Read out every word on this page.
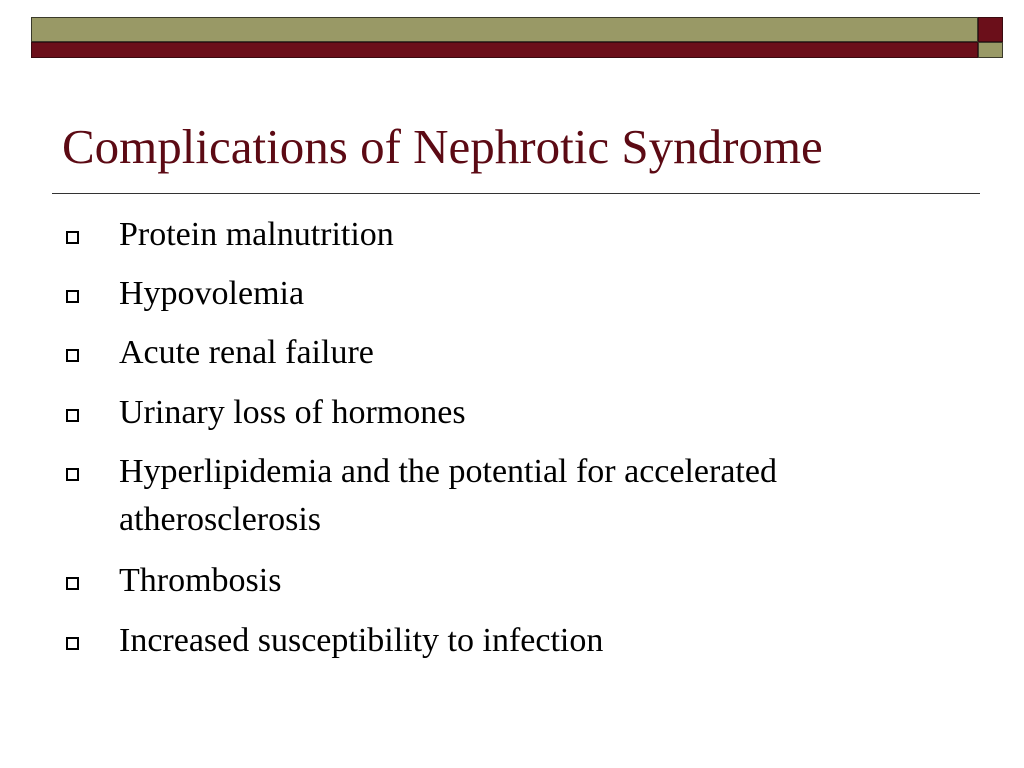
Complications of Nephrotic Syndrome
Protein malnutrition
Hypovolemia
Acute renal failure
Urinary loss of hormones
Hyperlipidemia and the potential for accelerated atherosclerosis
Thrombosis
Increased susceptibility to infection
